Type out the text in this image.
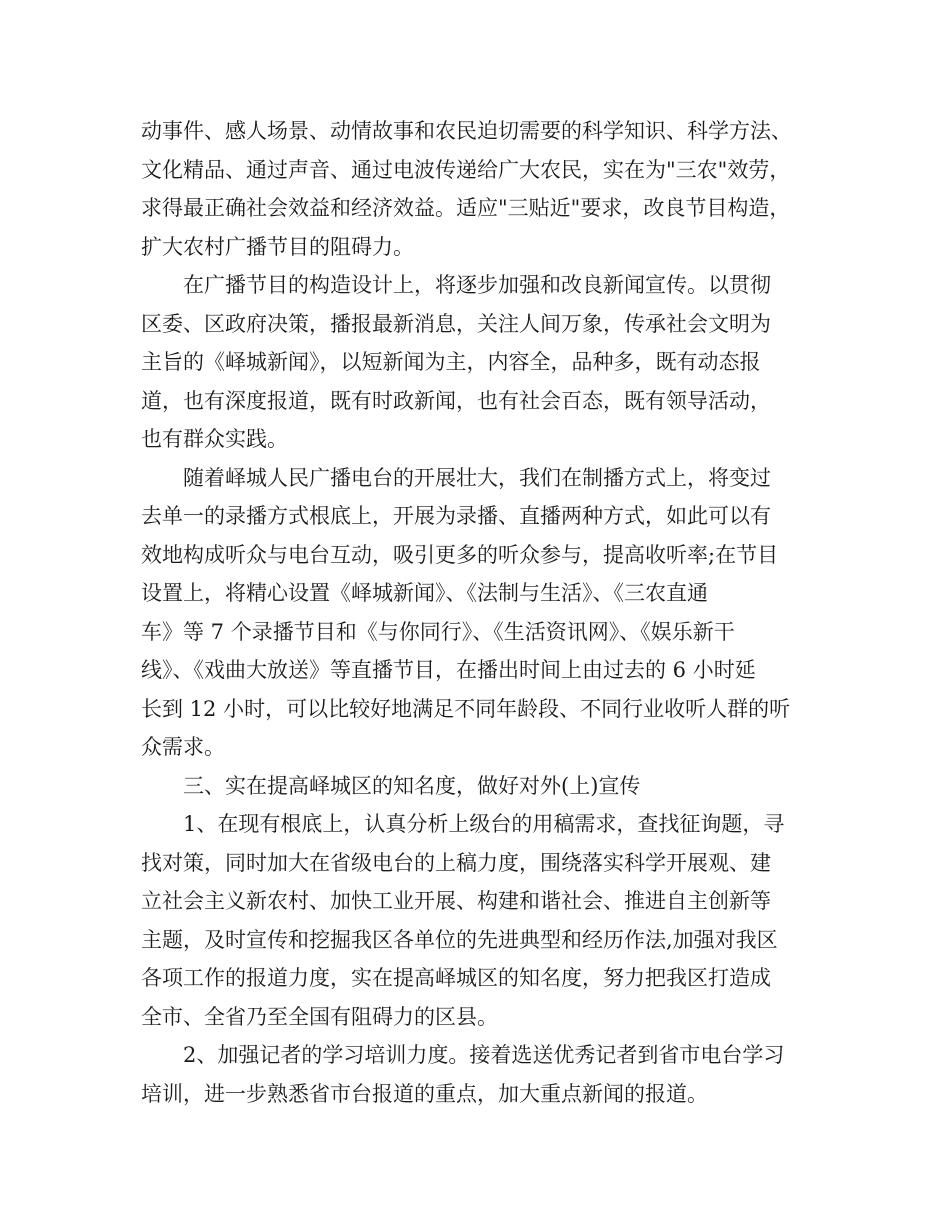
动事件、感人场景、动情故事和农民迫切需要的科学知识、科学方法、
文化精品、通过声音、通过电波传递给广大农民，实在为"三农"效劳，
求得最正确社会效益和经济效益。适应"三贴近"要求，改良节目构造，
扩大农村广播节目的阻碍力。
在广播节目的构造设计上，将逐步加强和改良新闻宣传。以贯彻
区委、区政府决策，播报最新消息，关注人间万象，传承社会文明为
主旨的《峄城新闻》，以短新闻为主，内容全，品种多，既有动态报
道，也有深度报道，既有时政新闻，也有社会百态，既有领导活动，
也有群众实践。
随着峄城人民广播电台的开展壮大，我们在制播方式上，将变过
去单一的录播方式根底上，开展为录播、直播两种方式，如此可以有
效地构成听众与电台互动，吸引更多的听众参与，提高收听率;在节目
设置上，将精心设置《峄城新闻》、《法制与生活》、《三农直通
车》等 7 个录播节目和《与你同行》、《生活资讯网》、《娱乐新干
线》、《戏曲大放送》等直播节目，在播出时间上由过去的 6 小时延
长到 12 小时，可以比较好地满足不同年龄段、不同行业收听人群的听
众需求。
三、实在提高峄城区的知名度，做好对外(上)宣传
1、在现有根底上，认真分析上级台的用稿需求，查找征询题，寻
找对策，同时加大在省级电台的上稿力度，围绕落实科学开展观、建
立社会主义新农村、加快工业开展、构建和谐社会、推进自主创新等
主题，及时宣传和挖掘我区各单位的先进典型和经历作法,加强对我区
各项工作的报道力度，实在提高峄城区的知名度，努力把我区打造成
全市、全省乃至全国有阻碍力的区县。
2、加强记者的学习培训力度。接着选送优秀记者到省市电台学习
培训，进一步熟悉省市台报道的重点，加大重点新闻的报道。
